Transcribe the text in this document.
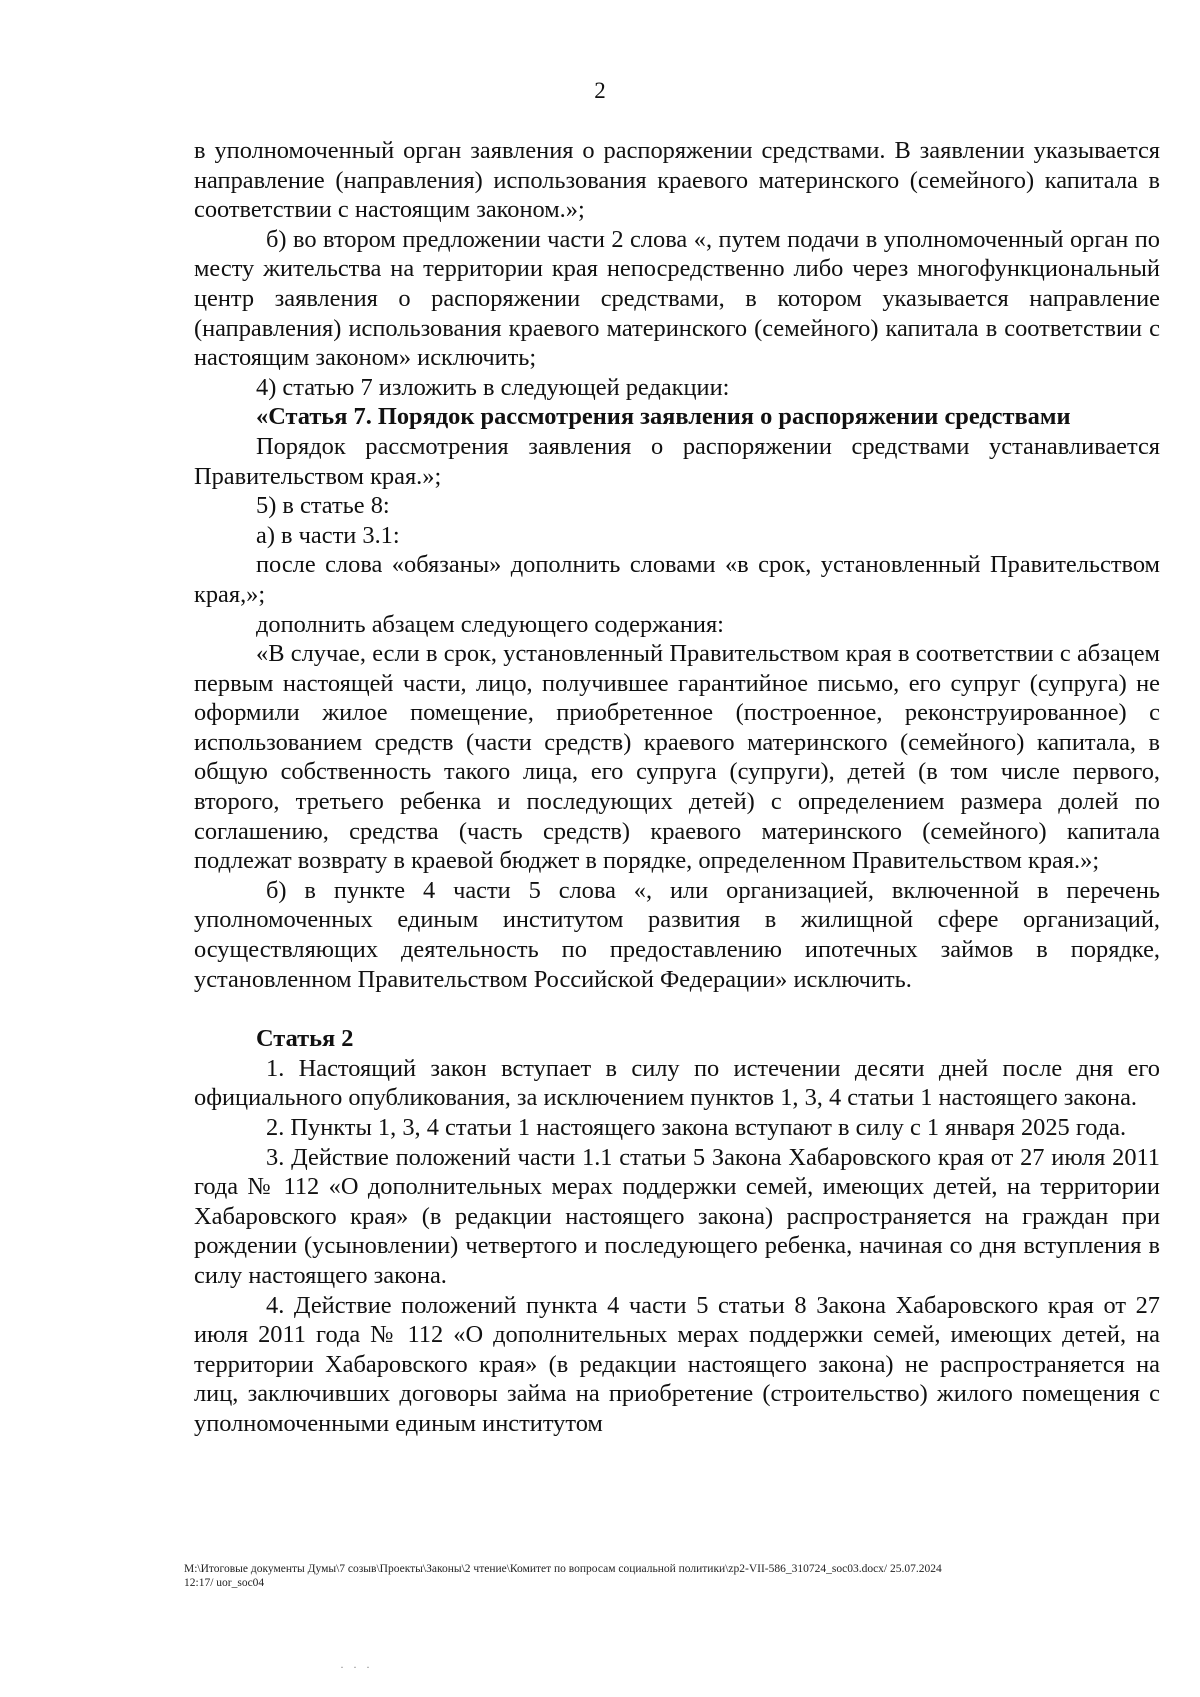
2

в уполномоченный орган заявления о распоряжении средствами. В заявлении указывается направление (направления) использования краевого материнского (семейного) капитала в соответствии с настоящим законом.»;

б) во втором предложении части 2 слова «, путем подачи в уполномоченный орган по месту жительства на территории края непосредственно либо через многофункциональный центр заявления о распоряжении средствами, в котором указывается направление (направления) использования краевого материнского (семейного) капитала в соответствии с настоящим законом» исключить;

4) статью 7 изложить в следующей редакции:

«Статья 7. Порядок рассмотрения заявления о распоряжении средствами

Порядок рассмотрения заявления о распоряжении средствами устанавливается Правительством края.»;

5) в статье 8:

а) в части 3.1:

после слова «обязаны» дополнить словами «в срок, установленный Правительством края,»;

дополнить абзацем следующего содержания:

«В случае, если в срок, установленный Правительством края в соответствии с абзацем первым настоящей части, лицо, получившее гарантийное письмо, его супруг (супруга) не оформили жилое помещение, приобретенное (построенное, реконструированное) с использованием средств (части средств) краевого материнского (семейного) капитала, в общую собственность такого лица, его супруга (супруги), детей (в том числе первого, второго, третьего ребенка и последующих детей) с определением размера долей по соглашению, средства (часть средств) краевого материнского (семейного) капитала подлежат возврату в краевой бюджет в порядке, определенном Правительством края.»;

б) в пункте 4 части 5 слова «, или организацией, включенной в перечень уполномоченных единым институтом развития в жилищной сфере организаций, осуществляющих деятельность по предоставлению ипотечных займов в порядке, установленном Правительством Российской Федерации» исключить.

Статья 2

1. Настоящий закон вступает в силу по истечении десяти дней после дня его официального опубликования, за исключением пунктов 1, 3, 4 статьи 1 настоящего закона.

2. Пункты 1, 3, 4 статьи 1 настоящего закона вступают в силу с 1 января 2025 года.

3. Действие положений части 1.1 статьи 5 Закона Хабаровского края от 27 июля 2011 года № 112 «О дополнительных мерах поддержки семей, имеющих детей, на территории Хабаровского края» (в редакции настоящего закона) распространяется на граждан при рождении (усыновлении) четвертого и последующего ребенка, начиная со дня вступления в силу настоящего закона.

4. Действие положений пункта 4 части 5 статьи 8 Закона Хабаровского края от 27 июля 2011 года № 112 «О дополнительных мерах поддержки семей, имеющих детей, на территории Хабаровского края» (в редакции настоящего закона) не распространяется на лиц, заключивших договоры займа на приобретение (строительство) жилого помещения с уполномоченными единым институтом

M:\Итоговые документы Думы\7 созыв\Проекты\Законы\2 чтение\Комитет по вопросам социальной политики\zp2-VII-586_310724_soc03.docx/ 25.07.2024
12:17/ uor_soc04
· · ·
